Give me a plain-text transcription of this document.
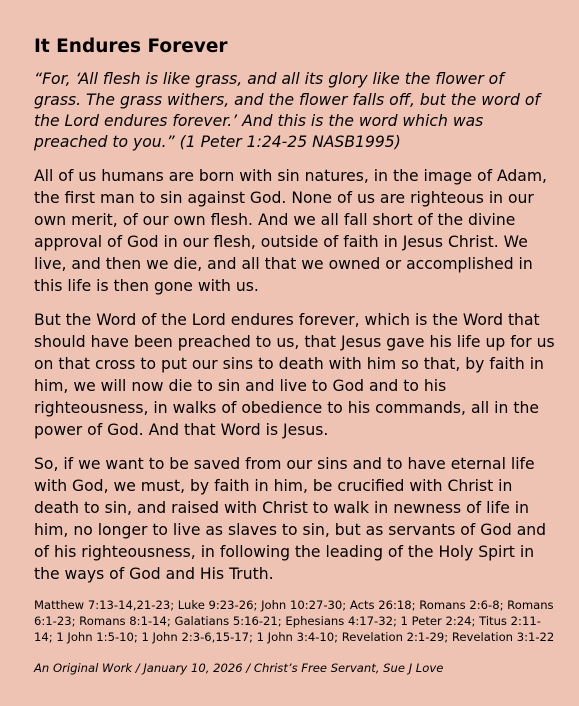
It Endures Forever

“For, ‘All flesh is like grass, and all its glory like the flower of grass. The grass withers, and the flower falls off, but the word of the Lord endures forever.’ And this is the word which was preached to you.” (1 Peter 1:24-25 NASB1995)

All of us humans are born with sin natures, in the image of Adam, the first man to sin against God. None of us are righteous in our own merit, of our own flesh. And we all fall short of the divine approval of God in our flesh, outside of faith in Jesus Christ. We live, and then we die, and all that we owned or accomplished in this life is then gone with us.

But the Word of the Lord endures forever, which is the Word that should have been preached to us, that Jesus gave his life up for us on that cross to put our sins to death with him so that, by faith in him, we will now die to sin and live to God and to his righteousness, in walks of obedience to his commands, all in the power of God. And that Word is Jesus.

So, if we want to be saved from our sins and to have eternal life with God, we must, by faith in him, be crucified with Christ in death to sin, and raised with Christ to walk in newness of life in him, no longer to live as slaves to sin, but as servants of God and of his righteousness, in following the leading of the Holy Spirt in the ways of God and His Truth.

Matthew 7:13-14,21-23; Luke 9:23-26; John 10:27-30; Acts 26:18; Romans 2:6-8; Romans 6:1-23; Romans 8:1-14; Galatians 5:16-21; Ephesians 4:17-32; 1 Peter 2:24; Titus 2:11-14; 1 John 1:5-10; 1 John 2:3-6,15-17; 1 John 3:4-10; Revelation 2:1-29; Revelation 3:1-22

An Original Work / January 10, 2026 / Christ’s Free Servant, Sue J Love
